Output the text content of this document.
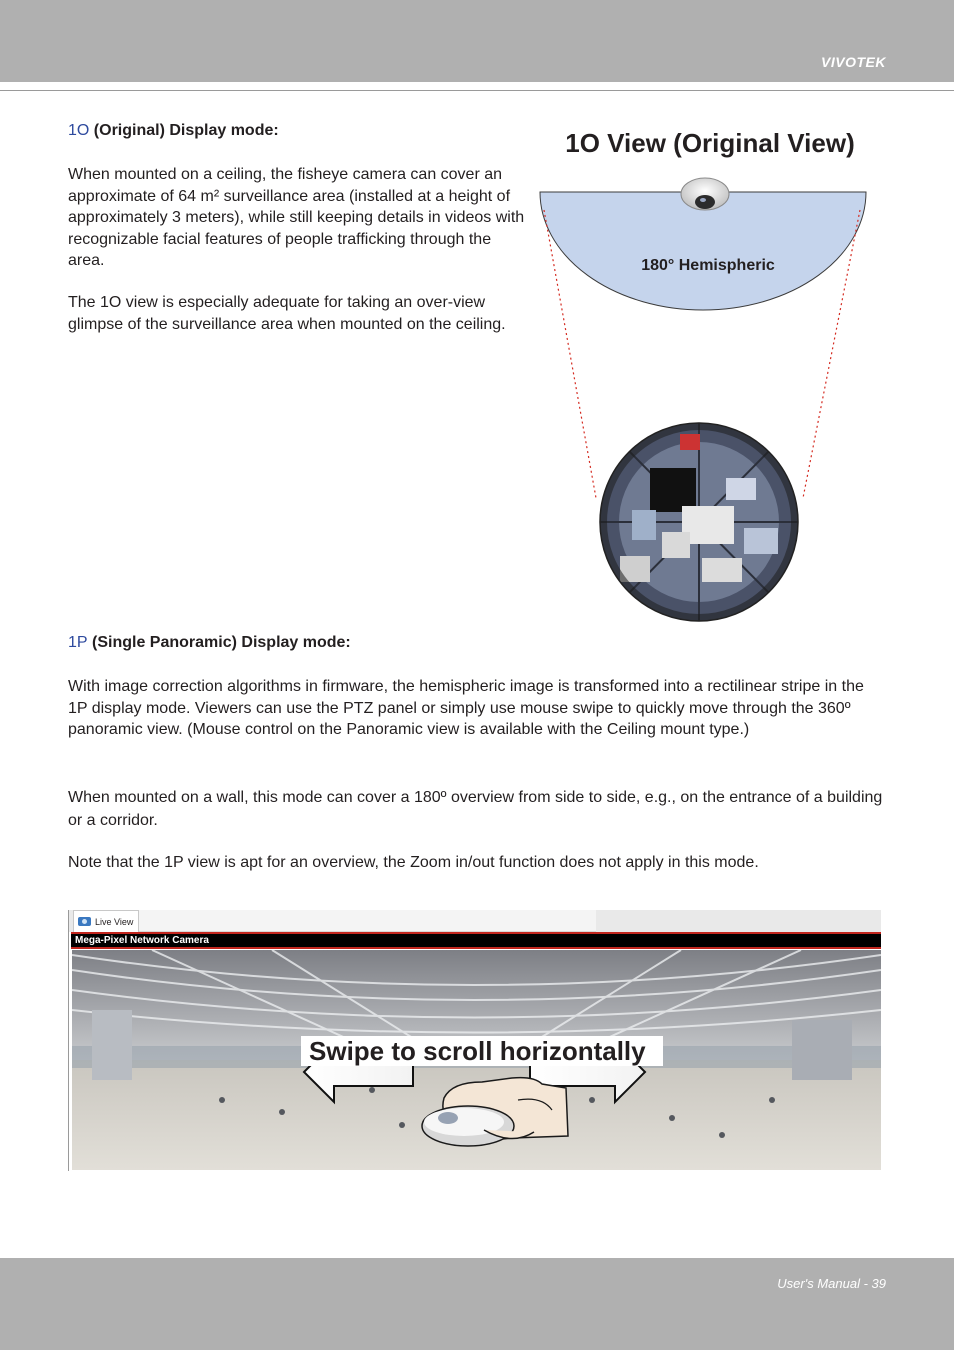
VIVOTEK
1O (Original) Display mode:

When mounted on a ceiling, the fisheye camera can cover an approximate of 64 m² surveillance area (installed at a height of approximately 3 meters), while still keeping details in videos with recognizable facial features of people trafficking through the area.

The 1O view is especially adequate for taking an over-view glimpse of the surveillance area when mounted on the ceiling.

1O View (Original View)
180° Hemispheric
1P (Single Panoramic) Display mode:

With image correction algorithms in firmware, the hemispheric image is transformed into a rectilinear stripe in the 1P display mode. Viewers can use the PTZ panel or simply use mouse swipe to quickly move through the 360º panoramic view. (Mouse control on the Panoramic view is available with the Ceiling mount type.)

When mounted on a wall, this mode can cover a 180º overview from side to side, e.g., on the entrance of a building or a corridor.

Note that the 1P view is apt for an overview, the Zoom in/out function does not apply in this mode.

Live View
Mega-Pixel Network Camera
Swipe to scroll horizontally
User's Manual - 39
